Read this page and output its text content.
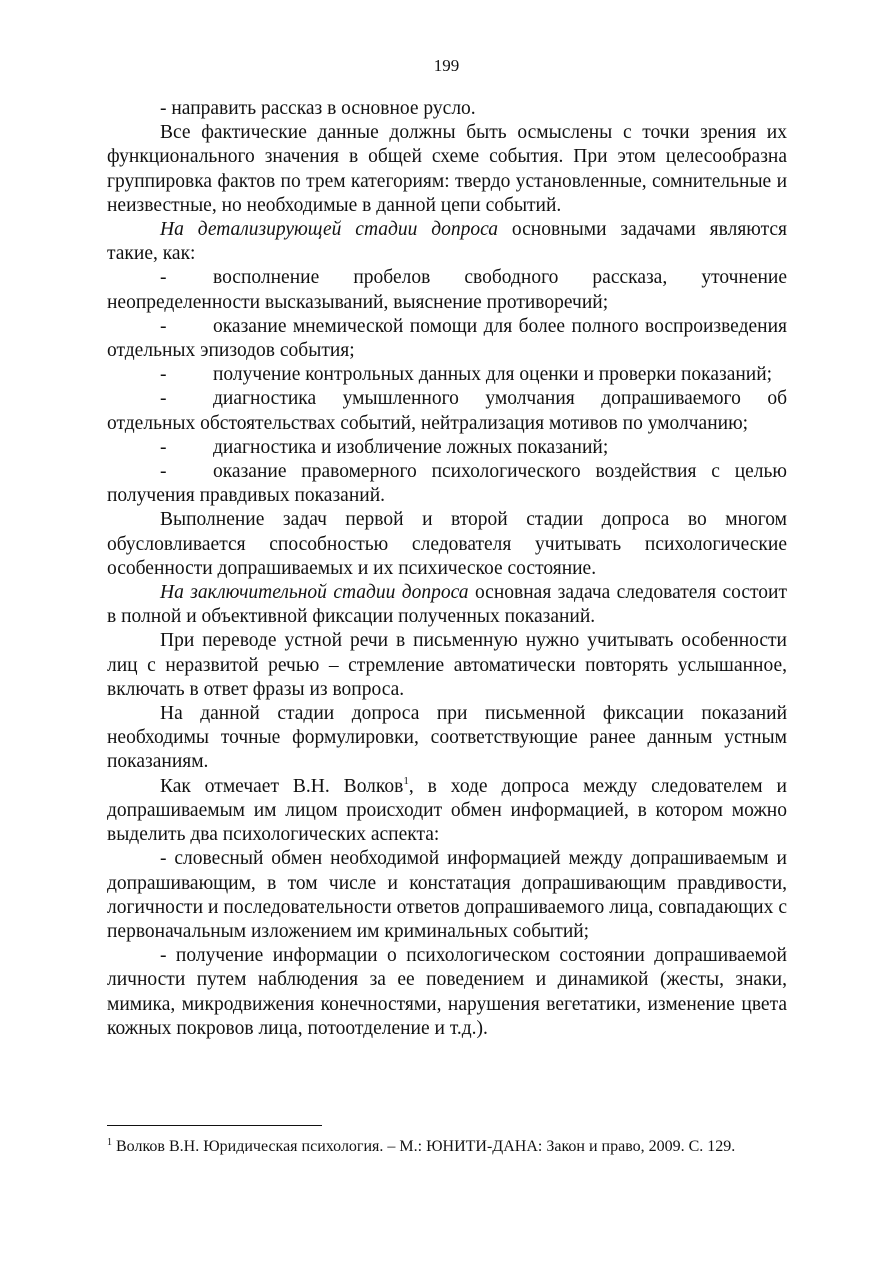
199

- направить рассказ в основное русло.

Все фактические данные должны быть осмыслены с точки зрения их функционального значения в общей схеме события. При этом целесообразна группировка фактов по трем категориям: твердо установленные, сомнительные и неизвестные, но необходимые в данной цепи событий.

На детализирующей стадии допроса основными задачами являются такие, как:

- восполнение пробелов свободного рассказа, уточнение неопределенности высказываний, выяснение противоречий;

- оказание мнемической помощи для более полного воспроизведения отдельных эпизодов события;

- получение контрольных данных для оценки и проверки показаний;

- диагностика умышленного умолчания допрашиваемого об отдельных обстоятельствах событий, нейтрализация мотивов по умолчанию;

- диагностика и изобличение ложных показаний;

- оказание правомерного психологического воздействия с целью получения правдивых показаний.

Выполнение задач первой и второй стадии допроса во многом обусловливается способностью следователя учитывать психологические особенности допрашиваемых и их психическое состояние.

На заключительной стадии допроса основная задача следователя состоит в полной и объективной фиксации полученных показаний.

При переводе устной речи в письменную нужно учитывать особенности лиц с неразвитой речью – стремление автоматически повторять услышанное, включать в ответ фразы из вопроса.

На данной стадии допроса при письменной фиксации показаний необходимы точные формулировки, соответствующие ранее данным устным показаниям.

Как отмечает В.Н. Волков$^1$, в ходе допроса между следователем и допрашиваемым им лицом происходит обмен информацией, в котором можно выделить два психологических аспекта:

- словесный обмен необходимой информацией между допрашиваемым и допрашивающим, в том числе и констатация допрашивающим правдивости, логичности и последовательности ответов допрашиваемого лица, совпадающих с первоначальным изложением им криминальных событий;

- получение информации о психологическом состоянии допрашиваемой личности путем наблюдения за ее поведением и динамикой (жесты, знаки, мимика, микродвижения конечностями, нарушения вегетатики, изменение цвета кожных покровов лица, потоотделение и т.д.).

$^1$ Волков В.Н. Юридическая психология. – М.: ЮНИТИ-ДАНА: Закон и право, 2009. С. 129.
